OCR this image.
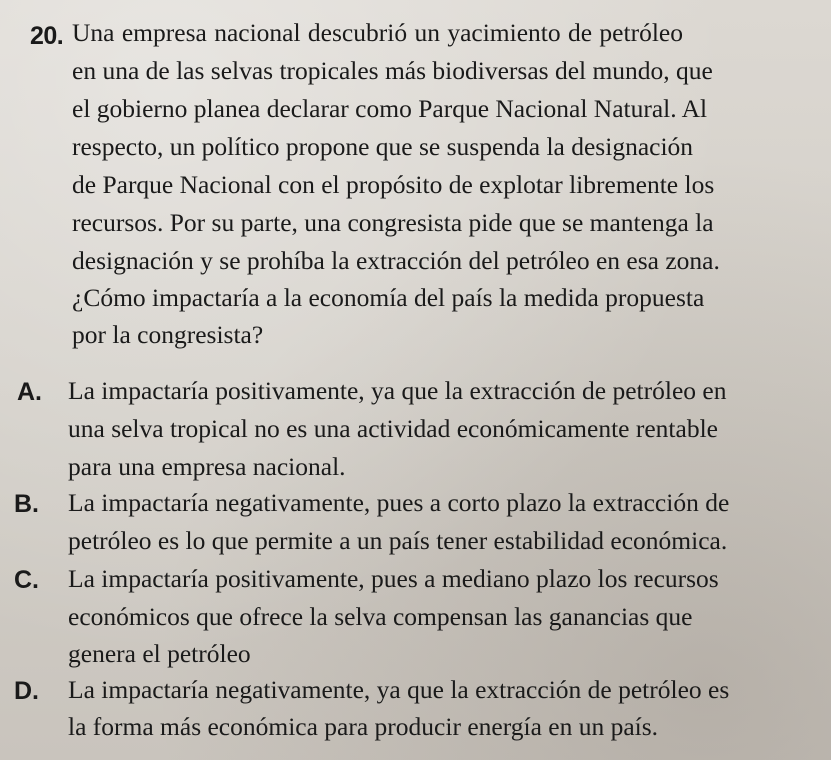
20. Una empresa nacional descubrió un yacimiento de petróleo
en una de las selvas tropicales más biodiversas del mundo, que
el gobierno planea declarar como Parque Nacional Natural. Al
respecto, un político propone que se suspenda la designación
de Parque Nacional con el propósito de explotar libremente los
recursos. Por su parte, una congresista pide que se mantenga la
designación y se prohíba la extracción del petróleo en esa zona.
¿Cómo impactaría a la economía del país la medida propuesta
por la congresista?
A. La impactaría positivamente, ya que la extracción de petróleo en
una selva tropical no es una actividad económicamente rentable
para una empresa nacional.
B. La impactaría negativamente, pues a corto plazo la extracción de
petróleo es lo que permite a un país tener estabilidad económica.
C. La impactaría positivamente, pues a mediano plazo los recursos
económicos que ofrece la selva compensan las ganancias que
genera el petróleo
D. La impactaría negativamente, ya que la extracción de petróleo es
la forma más económica para producir energía en un país.
